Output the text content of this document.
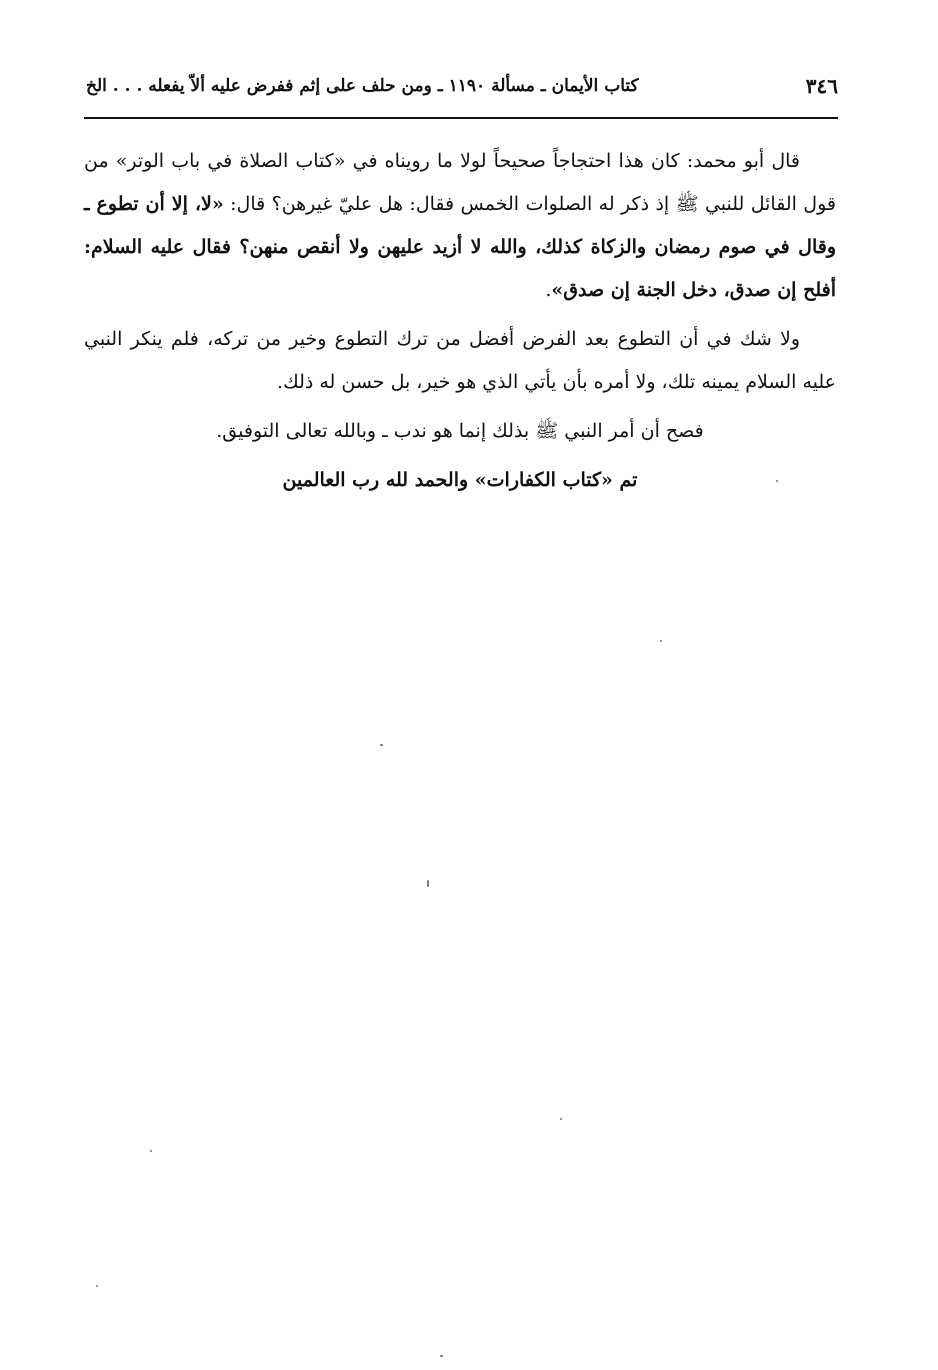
٣٤٦
كتاب الأيمان ـ مسألة ١١٩٠ ـ ومن حلف على إثم ففرض عليه ألاّ يفعله . . . الخ

قال أبو محمد: كان هذا احتجاجاً صحيحاً لولا ما رويناه في «كتاب الصلاة في باب الوتر» من قول القائل للنبي ﷺ إذ ذكر له الصلوات الخمس فقال: هل عليّ غيرهن؟ قال: «لا، إلا أن تطوع ـ وقال في صوم رمضان والزكاة كذلك، والله لا أزيد عليهن ولا أنقص منهن؟ فقال عليه السلام: أفلح إن صدق، دخل الجنة إن صدق».

ولا شك في أن التطوع بعد الفرض أفضل من ترك التطوع وخير من تركه، فلم ينكر النبي عليه السلام يمينه تلك، ولا أمره بأن يأتي الذي هو خير، بل حسن له ذلك.

فصح أن أمر النبي ﷺ بذلك إنما هو ندب ـ وبالله تعالى التوفيق.

تم «كتاب الكفارات» والحمد لله رب العالمين
